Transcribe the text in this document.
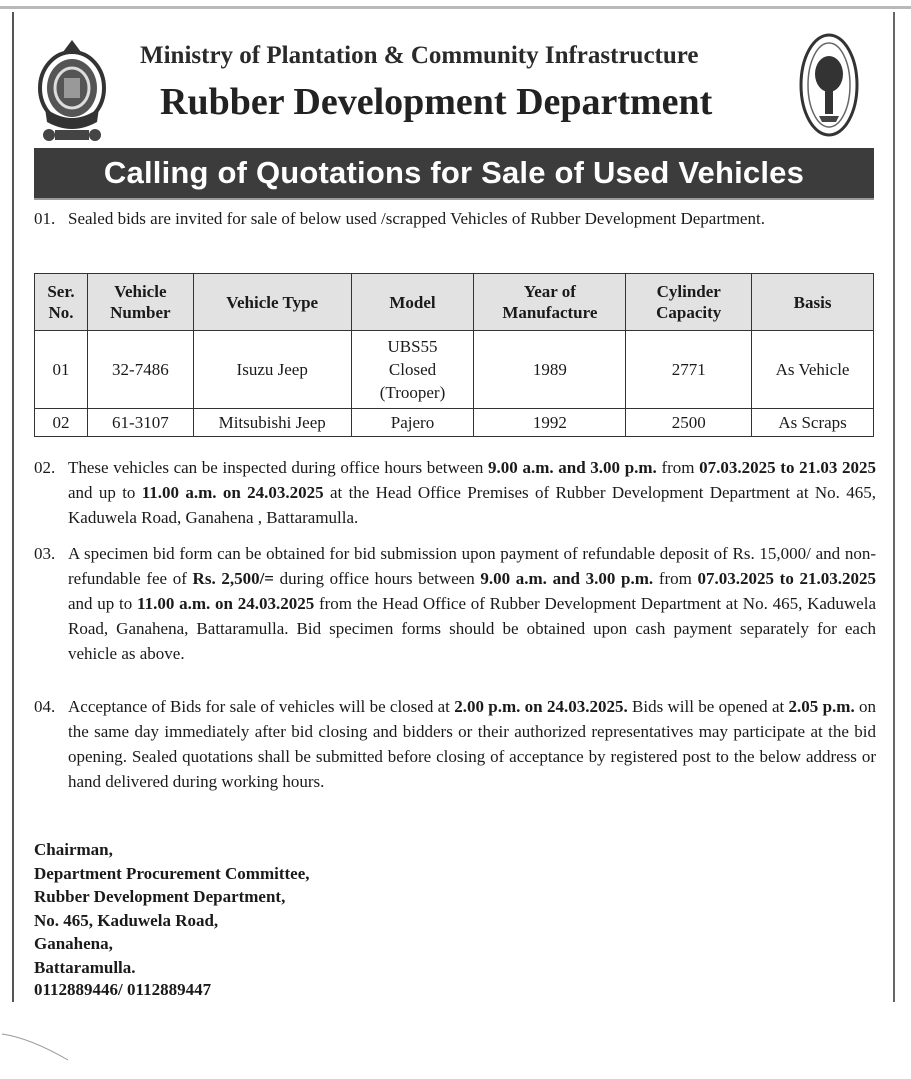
Ministry of Plantation & Community Infrastructure
Rubber Development Department
Calling of Quotations for Sale of Used Vehicles
01. Sealed bids are invited for sale of below used /scrapped Vehicles of Rubber Development Department.
Ser. No.	Vehicle Number	Vehicle Type	Model	Year of Manufacture	Cylinder Capacity	Basis
01	32-7486	Isuzu Jeep	UBS55 Closed (Trooper)	1989	2771	As Vehicle
02	61-3107	Mitsubishi Jeep	Pajero	1992	2500	As Scraps
02. These vehicles can be inspected during office hours between 9.00 a.m. and 3.00 p.m. from 07.03.2025 to 21.03 2025 and up to 11.00 a.m. on 24.03.2025 at the Head Office Premises of Rubber Development Department at No. 465, Kaduwela Road, Ganahena , Battaramulla.
03. A specimen bid form can be obtained for bid submission upon payment of refundable deposit of Rs. 15,000/ and non-refundable fee of Rs. 2,500/= during office hours between 9.00 a.m. and 3.00 p.m. from 07.03.2025 to 21.03.2025 and up to 11.00 a.m. on 24.03.2025 from the Head Office of Rubber Development Department at No. 465, Kaduwela Road, Ganahena, Battaramulla. Bid specimen forms should be obtained upon cash payment separately for each vehicle as above.
04. Acceptance of Bids for sale of vehicles will be closed at 2.00 p.m. on 24.03.2025. Bids will be opened at 2.05 p.m. on the same day immediately after bid closing and bidders or their authorized representatives may participate at the bid opening. Sealed quotations shall be submitted before closing of acceptance by registered post to the below address or hand delivered during working hours.
Chairman,
Department Procurement Committee,
Rubber Development Department,
No. 465, Kaduwela Road,
Ganahena,
Battaramulla.
0112889446/ 0112889447
